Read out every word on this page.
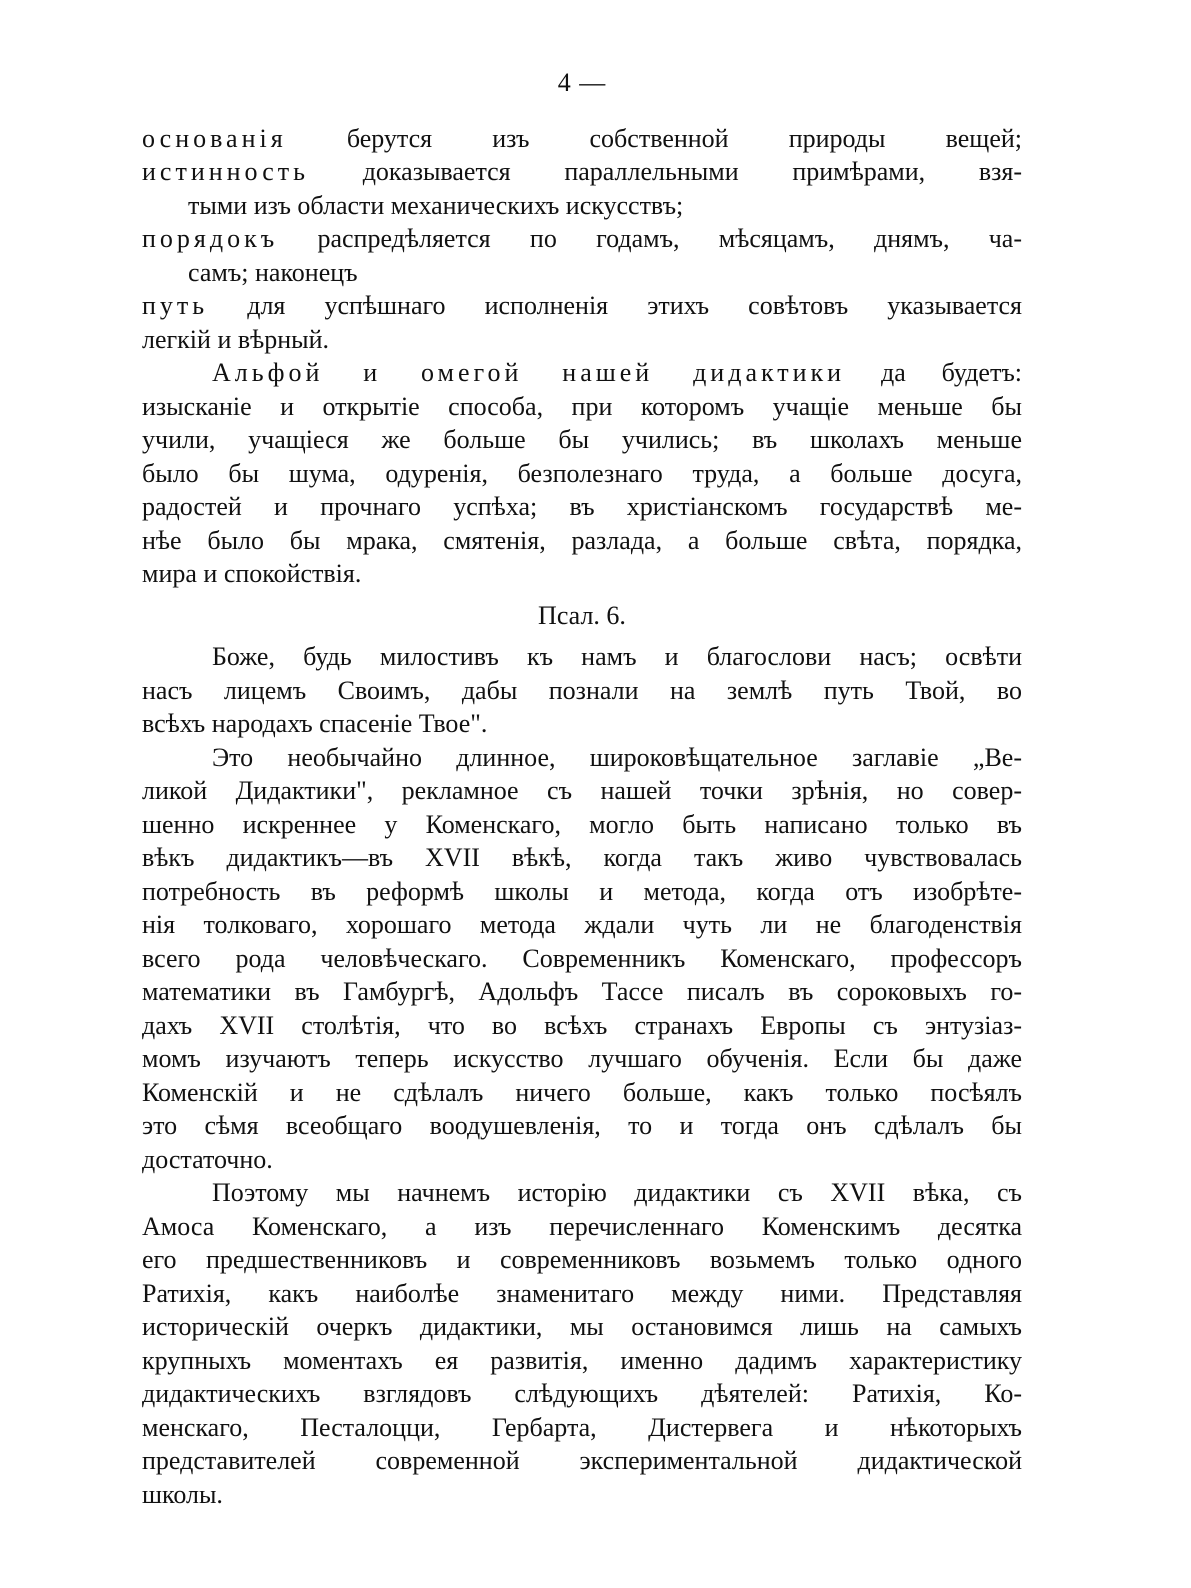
4 —
основанія берутся изъ собственной природы вещей;
истинность доказывается параллельными примѣрами, взя-
тыми изъ области механическихъ искусствъ;
порядокъ распредѣляется по годамъ, мѣсяцамъ, днямъ, ча-
самъ; наконецъ
путь для успѣшнаго исполненія этихъ совѣтовъ указывается
легкій и вѣрный.
Альфой и омегой нашей дидактики да будетъ:
изысканіе и открытіе способа, при которомъ учащіе меньше бы
учили, учащіеся же больше бы учились; въ школахъ меньше
было бы шума, одуренія, безполезнаго труда, а больше досуга,
радостей и прочнаго успѣха; въ христіанскомъ государствѣ ме-
нѣе было бы мрака, смятенія, разлада, а больше свѣта, порядка,
мира и спокойствія.
Псал. 6.
Боже, будь милостивъ къ намъ и благослови насъ; освѣти
насъ лицемъ Своимъ, дабы познали на землѣ путь Твой, во
всѣхъ народахъ спасеніе Твое".
Это необычайно длинное, широковѣщательное заглавіе „Ве-
ликой Дидактики", рекламное съ нашей точки зрѣнія, но совер-
шенно искреннее у Коменскаго, могло быть написано только въ
вѣкъ дидактикъ—въ XVII вѣкѣ, когда такъ живо чувствовалась
потребность въ реформѣ школы и метода, когда отъ изобрѣте-
нія толковаго, хорошаго метода ждали чуть ли не благоденствія
всего рода человѣческаго. Современникъ Коменскаго, профессоръ
математики въ Гамбургѣ, Адольфъ Тассе писалъ въ сороковыхъ го-
дахъ XVII столѣтія, что во всѣхъ странахъ Европы съ энтузіаз-
момъ изучаютъ теперь искусство лучшаго обученія. Если бы даже
Коменскій и не сдѣлалъ ничего больше, какъ только посѣялъ
это сѣмя всеобщаго воодушевленія, то и тогда онъ сдѣлалъ бы
достаточно.
Поэтому мы начнемъ исторію дидактики съ XVII вѣка, съ
Амоса Коменскаго, а изъ перечисленнаго Коменскимъ десятка
его предшественниковъ и современниковъ возьмемъ только одного
Ратихія, какъ наиболѣе знаменитаго между ними. Представляя
историческій очеркъ дидактики, мы остановимся лишь на самыхъ
крупныхъ моментахъ ея развитія, именно дадимъ характеристику
дидактическихъ взглядовъ слѣдующихъ дѣятелей: Ратихія, Ко-
менскаго, Песталоцци, Гербарта, Дистервега и нѣкоторыхъ
представителей современной экспериментальной дидактической
школы.
